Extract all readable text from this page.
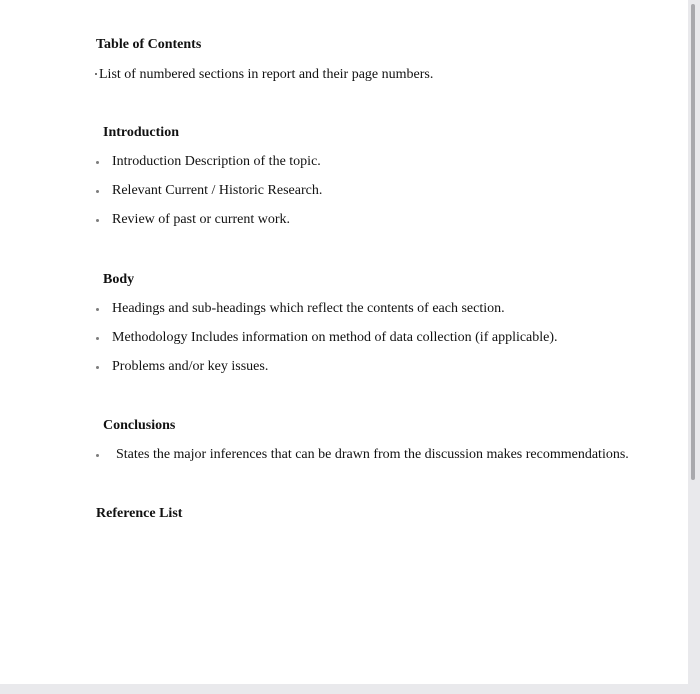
Table of Contents
List of numbered sections in report and their page numbers.
Introduction
Introduction Description of the topic.
Relevant Current / Historic Research.
Review of past or current work.
Body
Headings and sub-headings which reflect the contents of each section.
Methodology Includes information on method of data collection (if applicable).
Problems and/or key issues.
Conclusions
States the major inferences that can be drawn from the discussion makes recommendations.
Reference List
